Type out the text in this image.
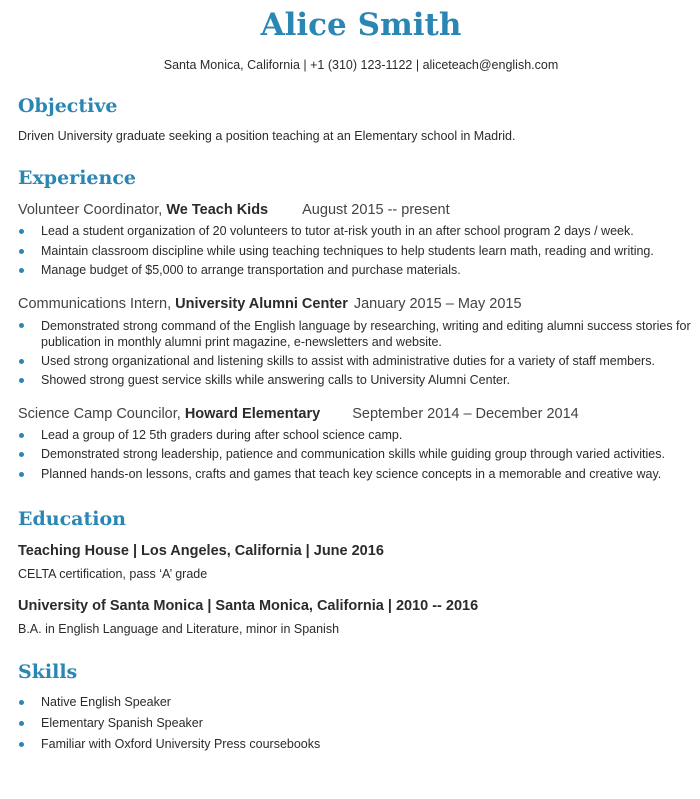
Alice Smith
Santa Monica, California | +1 (310) 123-1122 | aliceteach@english.com
Objective
Driven University graduate seeking a position teaching at an Elementary school in Madrid.
Experience
Volunteer Coordinator, We Teach Kids August 2015 -- present
Lead a student organization of 20 volunteers to tutor at-risk youth in an after school program 2 days / week.
Maintain classroom discipline while using teaching techniques to help students learn math, reading and writing.
Manage budget of $5,000 to arrange transportation and purchase materials.
Communications Intern, University Alumni Center January 2015 – May 2015
Demonstrated strong command of the English language by researching, writing and editing alumni success stories for publication in monthly alumni print magazine, e-newsletters and website.
Used strong organizational and listening skills to assist with administrative duties for a variety of staff members.
Showed strong guest service skills while answering calls to University Alumni Center.
Science Camp Councilor, Howard Elementary September 2014 – December 2014
Lead a group of 12 5th graders during after school science camp.
Demonstrated strong leadership, patience and communication skills while guiding group through varied activities.
Planned hands-on lessons, crafts and games that teach key science concepts in a memorable and creative way.
Education
Teaching House | Los Angeles, California | June 2016
CELTA certification, pass ‘A’ grade
University of Santa Monica | Santa Monica, California | 2010 -- 2016
B.A. in English Language and Literature, minor in Spanish
Skills
Native English Speaker
Elementary Spanish Speaker
Familiar with Oxford University Press coursebooks
